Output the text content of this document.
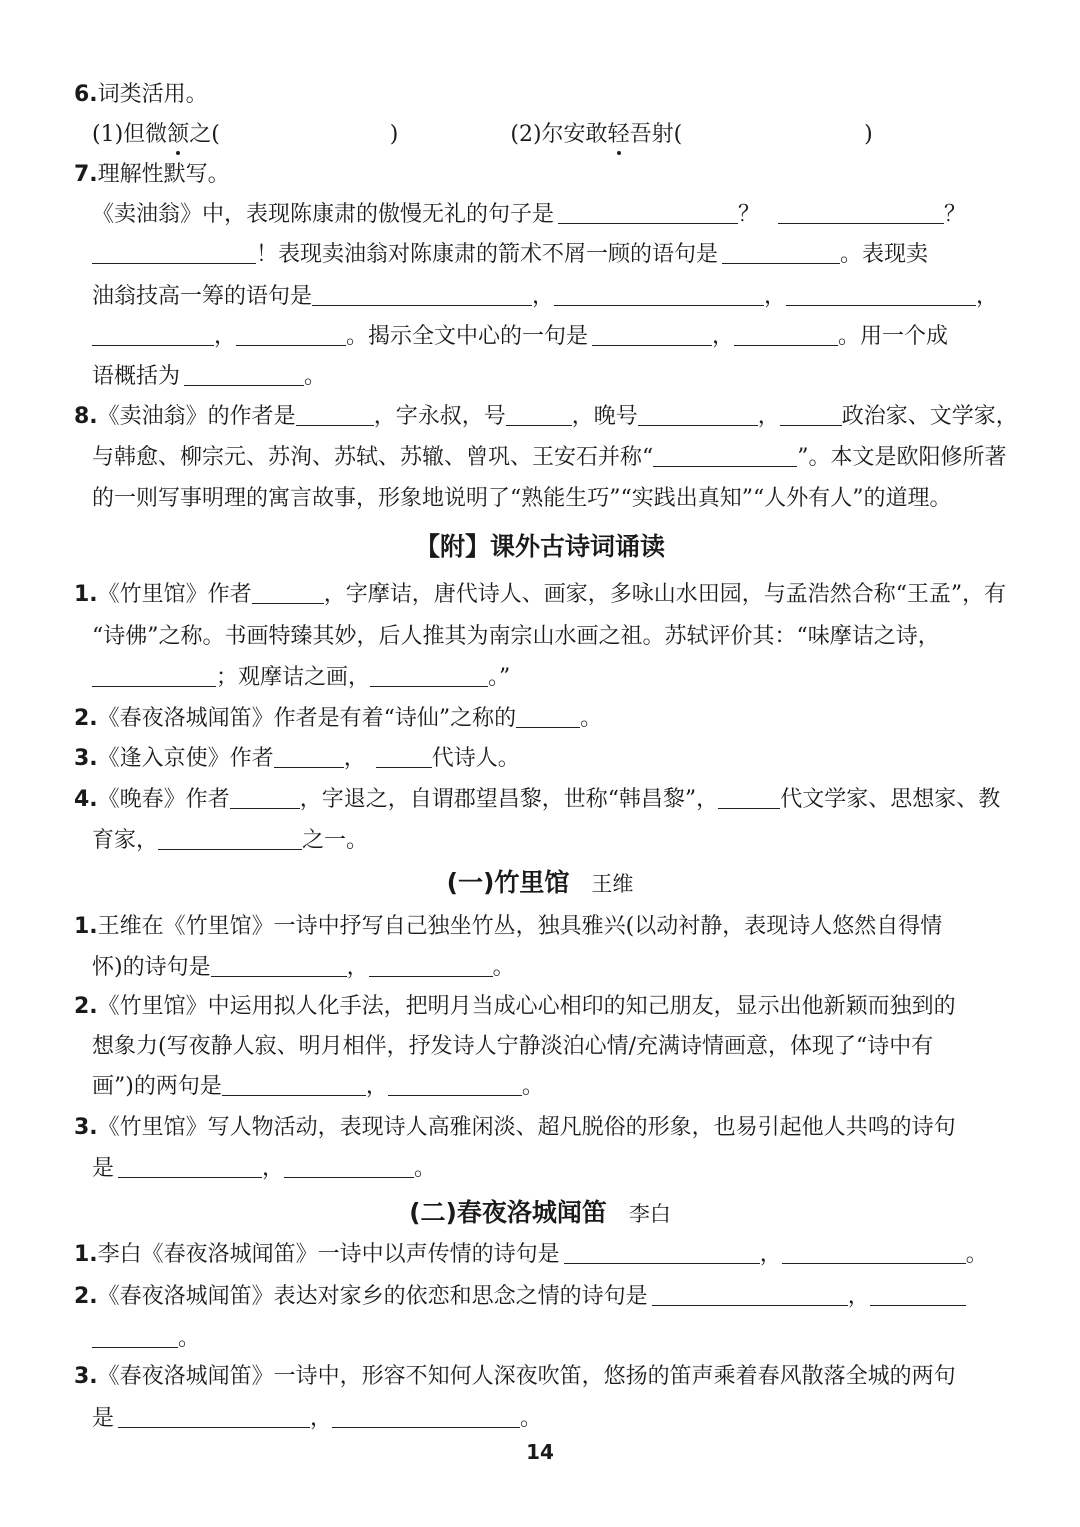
6.词类活用。
(1)但微颔之(	)	(2)尔安敢轻吾射(	)
7.理解性默写。
《卖油翁》中，表现陈康肃的傲慢无礼的句子是	？	？
！表现卖油翁对陈康肃的箭术不屑一顾的语句是	。表现卖
油翁技高一筹的语句是	，	，	，
，	。揭示全文中心的一句是	，	。用一个成
语概括为	。
8.《卖油翁》的作者是	，字永叔，号	，晚号	，	政治家、文学家，
与韩愈、柳宗元、苏洵、苏轼、苏辙、曾巩、王安石并称“	”。本文是欧阳修所著
的一则写事明理的寓言故事，形象地说明了“熟能生巧”“实践出真知”“人外有人”的道理。
【附】课外古诗词诵读
1.《竹里馆》作者	，字摩诘，唐代诗人、画家，多咏山水田园，与孟浩然合称“王孟”，有
“诗佛”之称。书画特臻其妙，后人推其为南宗山水画之祖。苏轼评价其：“味摩诘之诗，
；观摩诘之画，	。”
2.《春夜洛城闻笛》作者是有着“诗仙”之称的	。
3.《逢入京使》作者	，	代诗人。
4.《晚春》作者	，字退之，自谓郡望昌黎，世称“韩昌黎”，	代文学家、思想家、教
育家，	之一。
(一)竹里馆 王维
1.王维在《竹里馆》一诗中抒写自己独坐竹丛，独具雅兴(以动衬静，表现诗人悠然自得情
怀)的诗句是	，	。
2.《竹里馆》中运用拟人化手法，把明月当成心心相印的知己朋友，显示出他新颖而独到的
想象力(写夜静人寂、明月相伴，抒发诗人宁静淡泊心情/充满诗情画意，体现了“诗中有
画”)的两句是	，	。
3.《竹里馆》写人物活动，表现诗人高雅闲淡、超凡脱俗的形象，也易引起他人共鸣的诗句
是	，	。
(二)春夜洛城闻笛 李白
1.李白《春夜洛城闻笛》一诗中以声传情的诗句是	，	。
2.《春夜洛城闻笛》表达对家乡的依恋和思念之情的诗句是	，
。
3.《春夜洛城闻笛》一诗中，形容不知何人深夜吹笛，悠扬的笛声乘着春风散落全城的两句
是	，	。
14
